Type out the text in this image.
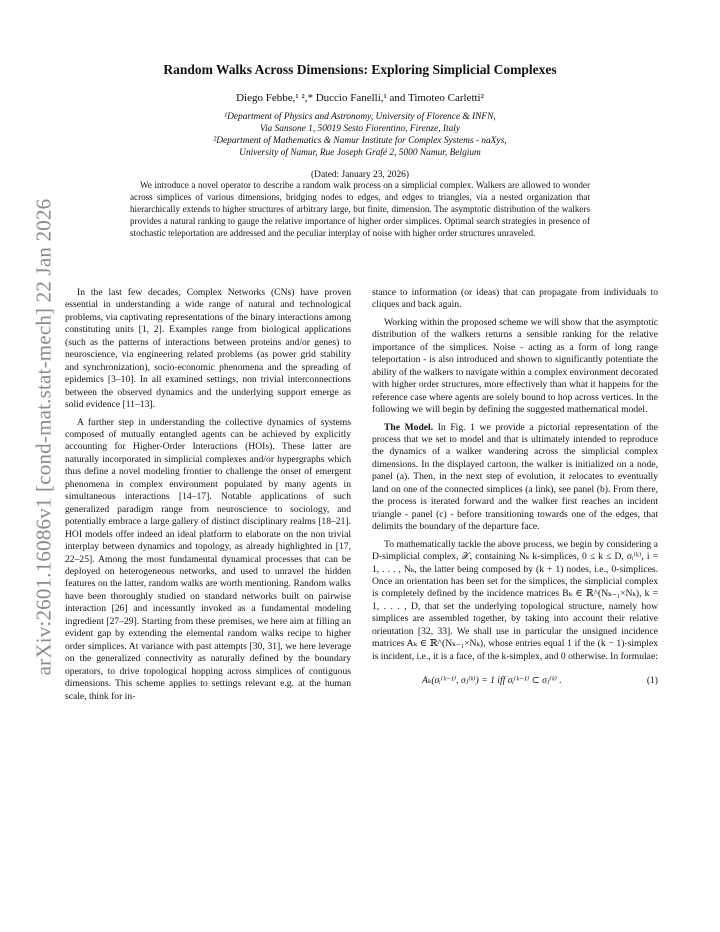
arXiv:2601.16086v1 [cond-mat.stat-mech] 22 Jan 2026
Random Walks Across Dimensions: Exploring Simplicial Complexes
Diego Febbe,¹ ²,* Duccio Fanelli,¹ and Timoteo Carletti²
¹Department of Physics and Astronomy, University of Florence & INFN,
Via Sansone 1, 50019 Sesto Fiorentino, Firenze, Italy
²Department of Mathematics & Namur Institute for Complex Systems - naXys,
University of Namur, Rue Joseph Grafé 2, 5000 Namur, Belgium
(Dated: January 23, 2026)
We introduce a novel operator to describe a random walk process on a simplicial complex. Walkers are allowed to wonder across simplices of various dimensions, bridging nodes to edges, and edges to triangles, via a nested organization that hierarchically extends to higher structures of arbitrary large, but finite, dimension. The asymptotic distribution of the walkers provides a natural ranking to gauge the relative importance of higher order simplices. Optimal search strategies in presence of stochastic teleportation are addressed and the peculiar interplay of noise with higher order structures unraveled.

In the last few decades, Complex Networks (CNs) have proven essential in understanding a wide range of natural and technological problems, via captivating representations of the binary interactions among constituting units [1, 2]. Examples range from biological applications (such as the patterns of interactions between proteins and/or genes) to neuroscience, via engineering related problems (as power grid stability and synchronization), socio-economic phenomena and the spreading of epidemics [3–10]. In all examined settings, non trivial interconnections between the observed dynamics and the underlying support emerge as solid evidence [11–13].

A further step in understanding the collective dynamics of systems composed of mutually entangled agents can be achieved by explicitly accounting for Higher-Order Interactions (HOIs). These latter are naturally incorporated in simplicial complexes and/or hypergraphs which thus define a novel modeling frontier to challenge the onset of emergent phenomena in complex environment populated by many agents in simultaneous interactions [14–17]. Notable applications of such generalized paradigm range from neuroscience to sociology, and potentially embrace a large gallery of distinct disciplinary realms [18–21]. HOI models offer indeed an ideal platform to elaborate on the non trivial interplay between dynamics and topology, as already highlighted in [17, 22–25]. Among the most fundamental dynamical processes that can be deployed on heterogeneous networks, and used to unravel the hidden features on the latter, random walks are worth mentioning. Random walks have been thoroughly studied on standard networks built on pairwise interaction [26] and incessantly invoked as a fundamental modeling ingredient [27–29]. Starting from these premises, we here aim at filling an evident gap by extending the elemental random walks recipe to higher order simplices. At variance with past attempts [30, 31], we here leverage on the generalized connectivity as naturally defined by the boundary operators, to drive topological hopping across simplices of contiguous dimensions. This scheme applies to settings relevant e.g. at the human scale, think for in-

stance to information (or ideas) that can propagate from individuals to cliques and back again.

Working within the proposed scheme we will show that the asymptotic distribution of the walkers returns a sensible ranking for the relative importance of the simplices. Noise - acting as a form of long range teleportation - is also introduced and shown to significantly potentiate the ability of the walkers to navigate within a complex environment decorated with higher order structures, more effectively than what it happens for the reference case where agents are solely bound to hop across vertices. In the following we will begin by defining the suggested mathematical model.

The Model. In Fig. 1 we provide a pictorial representation of the process that we set to model and that is ultimately intended to reproduce the dynamics of a walker wandering across the simplicial complex dimensions. In the displayed cartoon, the walker is initialized on a node, panel (a). Then, in the next step of evolution, it relocates to eventually land on one of the connected simplices (a link), see panel (b). From there, the process is iterated forward and the walker first reaches an incident triangle - panel (c) - before transitioning towards one of the edges, that delimits the boundary of the departure face.

To mathematically tackle the above process, we begin by considering a D-simplicial complex, 𝒳, containing Nₖ k-simplices, 0 ≤ k ≤ D, σᵢ⁽ᵏ⁾, i = 1, . . . , Nₖ, the latter being composed by (k + 1) nodes, i.e., 0-simplices. Once an orientation has been set for the simplices, the simplicial complex is completely defined by the incidence matrices Bₖ ∈ ℝ^(Nₖ₋₁×Nₖ), k = 1, . . . , D, that set the underlying topological structure, namely how simplices are assembled together, by taking into account their relative orientation [32, 33]. We shall use in particular the unsigned incidence matrices Aₖ ∈ ℝ^(Nₖ₋₁×Nₖ), whose entries equal 1 if the (k − 1)-simplex is incident, i.e., it is a face, of the k-simplex, and 0 otherwise. In formulae:

Aₖ(σᵢ⁽ᵏ⁻¹⁾, σⱼ⁽ᵏ⁾) = 1 iff σᵢ⁽ᵏ⁻¹⁾ ⊂ σⱼ⁽ᵏ⁾ .	(1)
